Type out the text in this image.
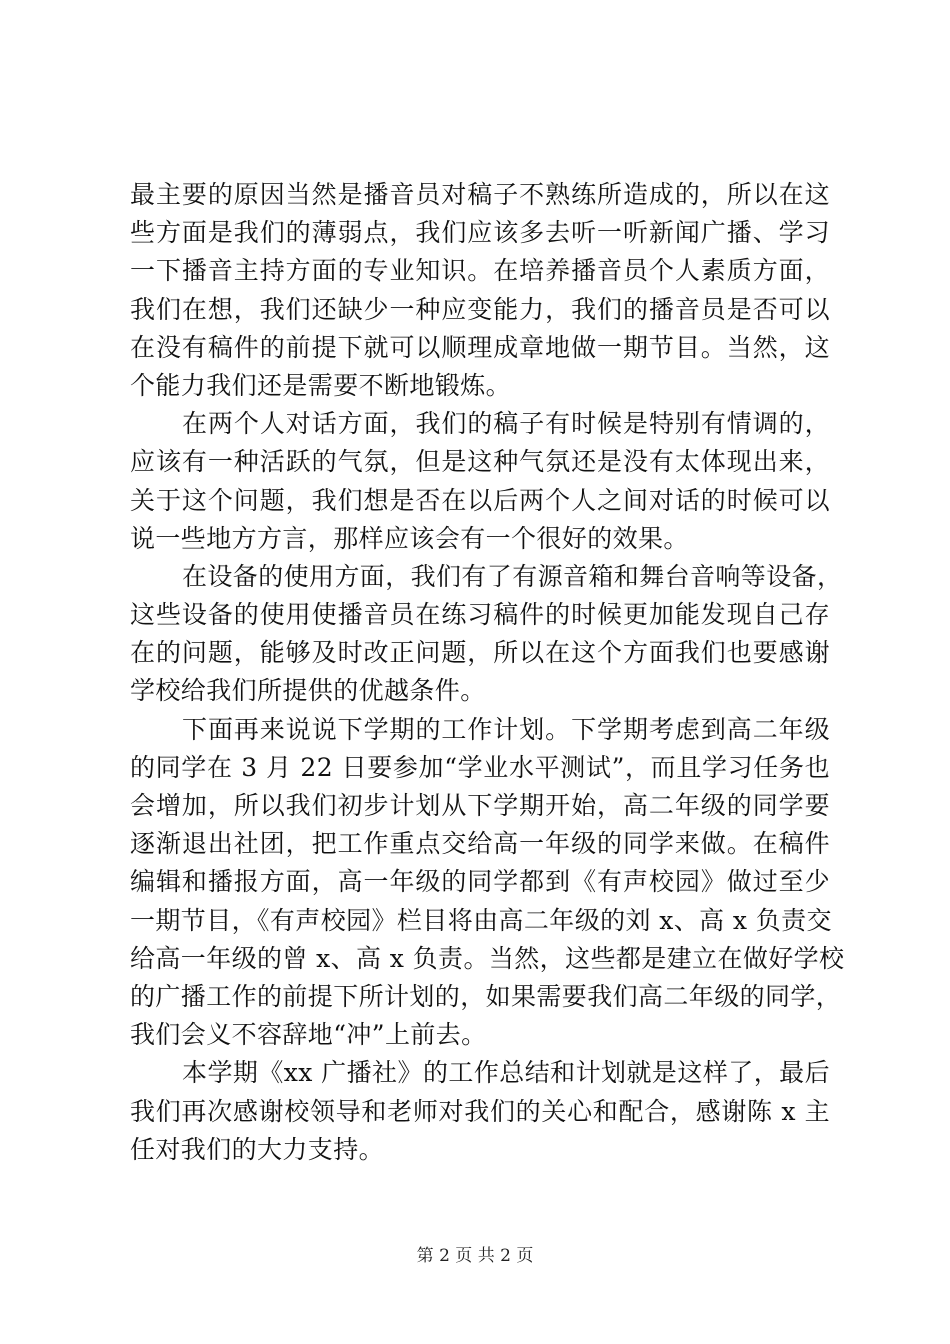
最主要的原因当然是播音员对稿子不熟练所造成的，所以在这
些方面是我们的薄弱点，我们应该多去听一听新闻广播、学习
一下播音主持方面的专业知识。在培养播音员个人素质方面，
我们在想，我们还缺少一种应变能力，我们的播音员是否可以
在没有稿件的前提下就可以顺理成章地做一期节目。当然，这
个能力我们还是需要不断地锻炼。
在两个人对话方面，我们的稿子有时候是特别有情调的，
应该有一种活跃的气氛，但是这种气氛还是没有太体现出来，
关于这个问题，我们想是否在以后两个人之间对话的时候可以
说一些地方方言，那样应该会有一个很好的效果。
在设备的使用方面，我们有了有源音箱和舞台音响等设备，
这些设备的使用使播音员在练习稿件的时候更加能发现自己存
在的问题，能够及时改正问题，所以在这个方面我们也要感谢
学校给我们所提供的优越条件。
下面再来说说下学期的工作计划。下学期考虑到高二年级
的同学在 3 月 22 日要参加“学业水平测试”，而且学习任务也
会增加，所以我们初步计划从下学期开始，高二年级的同学要
逐渐退出社团，把工作重点交给高一年级的同学来做。在稿件
编辑和播报方面，高一年级的同学都到《有声校园》做过至少
一期节目，《有声校园》栏目将由高二年级的刘 x、高 x 负责交
给高一年级的曾 x、高 x 负责。当然，这些都是建立在做好学校
的广播工作的前提下所计划的，如果需要我们高二年级的同学，
我们会义不容辞地“冲”上前去。
本学期《xx 广播社》的工作总结和计划就是这样了，最后
我们再次感谢校领导和老师对我们的关心和配合，感谢陈 x 主
任对我们的大力支持。
第 2 页 共 2 页
